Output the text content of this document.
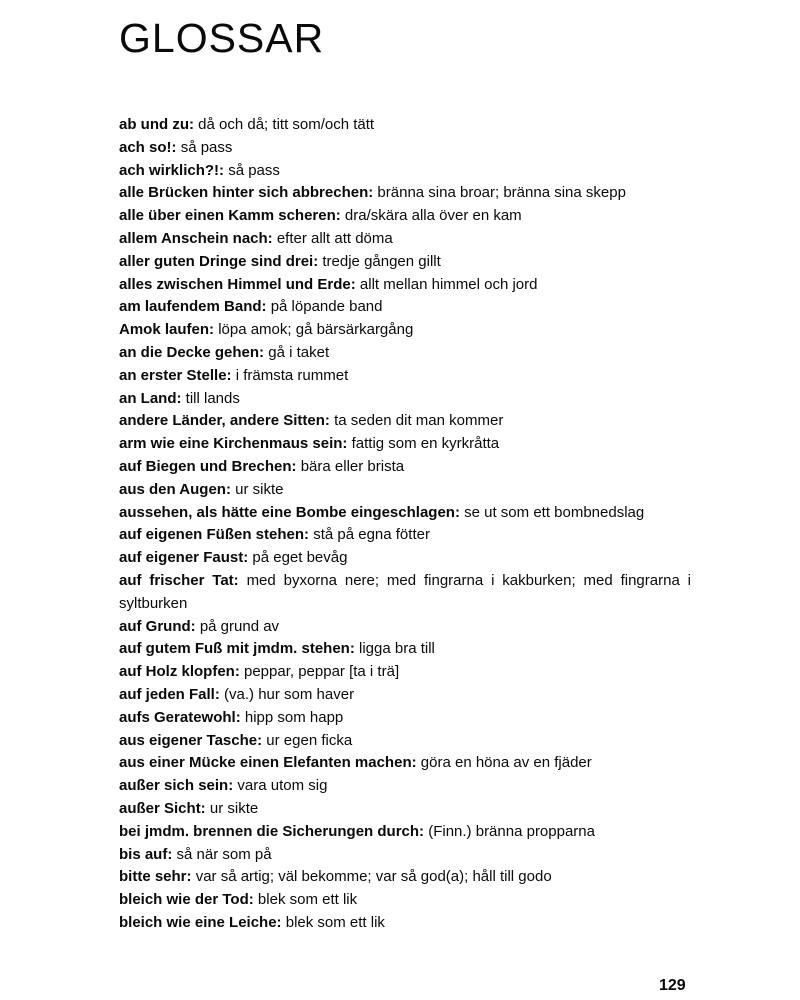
GLOSSAR
ab und zu: då och då; titt som/och tätt
ach so!: så pass
ach wirklich?!: så pass
alle Brücken hinter sich abbrechen: bränna sina broar; bränna sina skepp
alle über einen Kamm scheren: dra/skära alla över en kam
allem Anschein nach: efter allt att döma
aller guten Dringe sind drei: tredje gången gillt
alles zwischen Himmel und Erde: allt mellan himmel och jord
am laufendem Band: på löpande band
Amok laufen: löpa amok; gå bärsärkargång
an die Decke gehen: gå i taket
an erster Stelle: i främsta rummet
an Land: till lands
andere Länder, andere Sitten: ta seden dit man kommer
arm wie eine Kirchenmaus sein: fattig som en kyrkråtta
auf Biegen und Brechen: bära eller brista
aus den Augen: ur sikte
aussehen, als hätte eine Bombe eingeschlagen: se ut som ett bombnedslag
auf eigenen Füßen stehen: stå på egna fötter
auf eigener Faust: på eget bevåg
auf frischer Tat: med byxorna nere; med fingrarna i kakburken; med fingrarna i syltburken
auf Grund: på grund av
auf gutem Fuß mit jmdm. stehen: ligga bra till
auf Holz klopfen: peppar, peppar [ta i trä]
auf jeden Fall: (va.) hur som haver
aufs Geratewohl: hipp som happ
aus eigener Tasche: ur egen ficka
aus einer Mücke einen Elefanten machen: göra en höna av en fjäder
außer sich sein: vara utom sig
außer Sicht: ur sikte
bei jmdm. brennen die Sicherungen durch: (Finn.) bränna propparna
bis auf: så när som på
bitte sehr: var så artig; väl bekomme; var så god(a); håll till godo
bleich wie der Tod: blek som ett lik
bleich wie eine Leiche: blek som ett lik
129
